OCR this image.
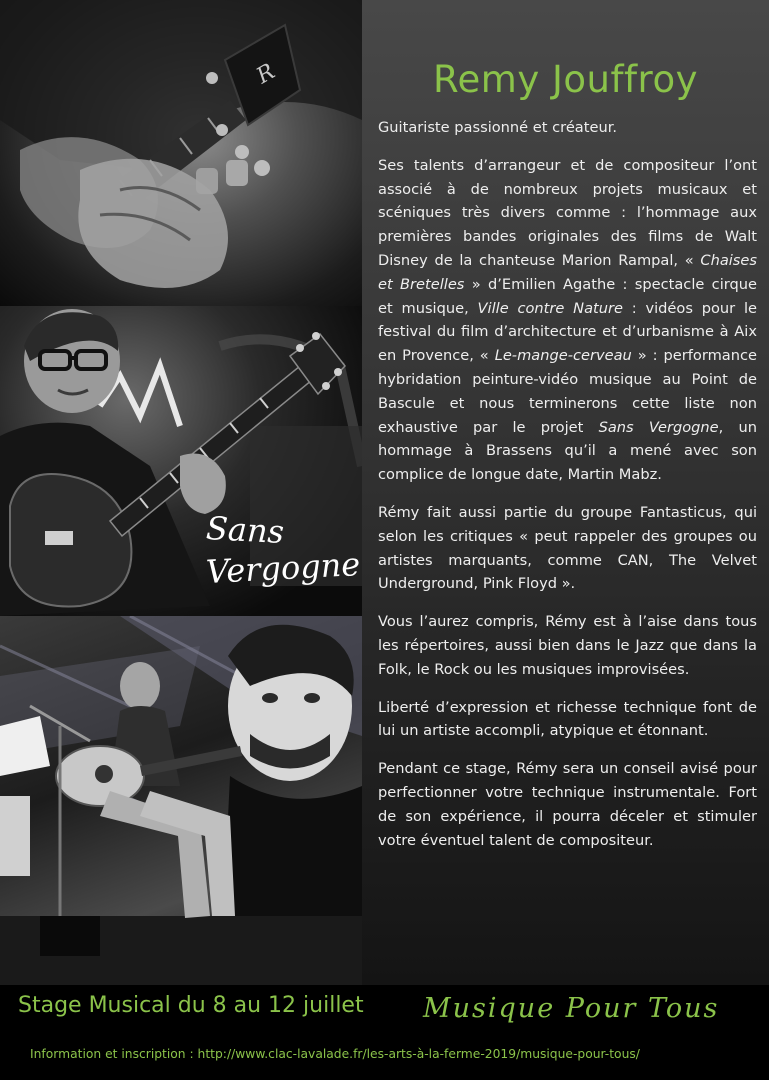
R
Sans
Vergogne
Remy Jouffroy

Guitariste passionné et créateur.

Ses talents d’arrangeur et de compositeur l’ont associé à de nombreux projets musicaux et scéniques très divers comme : l’hommage aux premières bandes originales des films de Walt Disney de la chanteuse Marion Rampal, « Chaises et Bretelles » d’Emilien Agathe : spectacle cirque et musique, Ville contre Nature : vidéos pour le festival du film d’architecture et d’urbanisme à Aix en Provence, « Le-mange-cerveau » : performance hybridation peinture-vidéo musique au Point de Bascule et nous terminerons cette liste non exhaustive par le projet Sans Vergogne, un hommage à Brassens qu’il a mené avec son complice de longue date, Martin Mabz.

Rémy fait aussi partie du groupe Fantasticus, qui selon les critiques « peut rappeler des groupes ou artistes marquants, comme CAN, The Velvet Underground, Pink Floyd ».

Vous l’aurez compris, Rémy est à l’aise dans tous les répertoires, aussi bien dans le Jazz que dans la Folk, le Rock ou les musiques improvisées.

Liberté d’expression et richesse technique font de lui un artiste accompli, atypique et étonnant.

Pendant ce stage, Rémy sera un conseil avisé pour perfectionner votre technique instrumentale. Fort de son expérience, il pourra déceler et stimuler votre éventuel talent de compositeur.

Stage Musical du 8 au 12 juillet Musique Pour Tous
Information et inscription : http://www.clac-lavalade.fr/les-arts-à-la-ferme-2019/musique-pour-tous/
